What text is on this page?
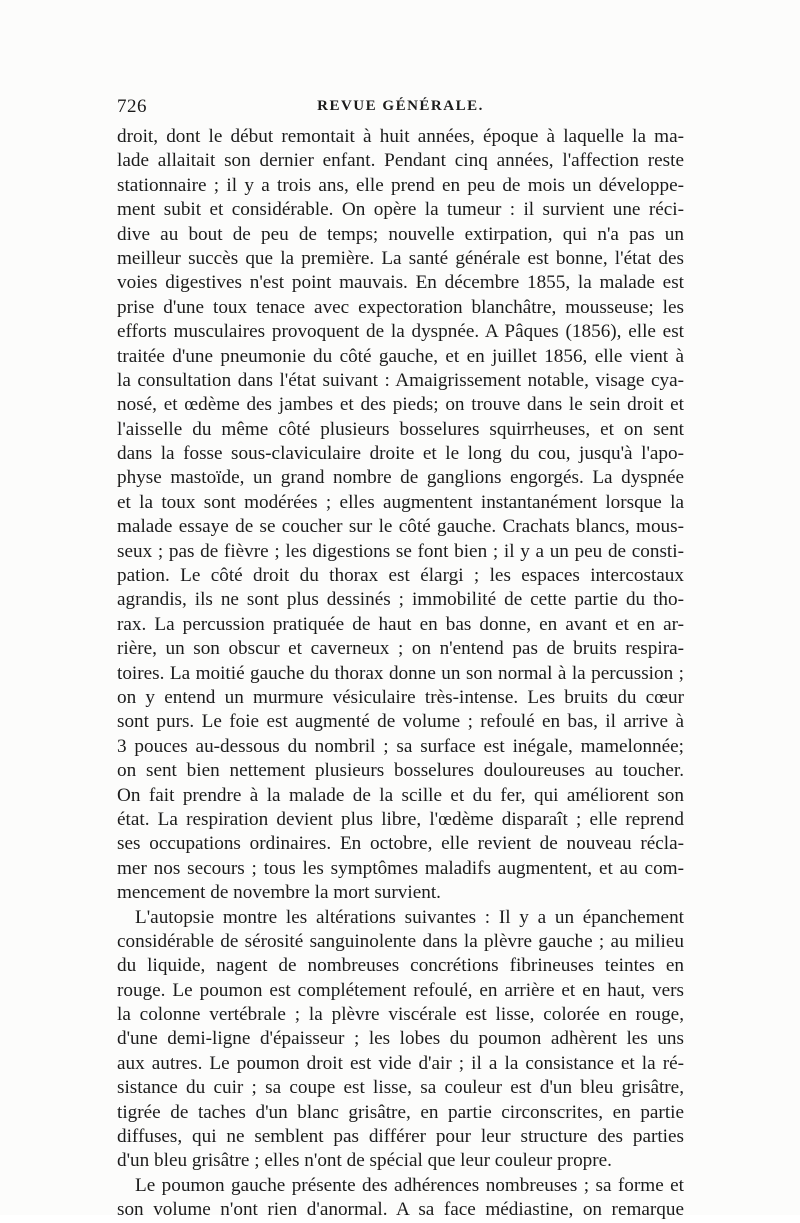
726	REVUE GÉNÉRALE.
droit, dont le début remontait à huit années, époque à laquelle la ma-
lade allaitait son dernier enfant. Pendant cinq années, l'affection reste
stationnaire ; il y a trois ans, elle prend en peu de mois un développe-
ment subit et considérable. On opère la tumeur : il survient une réci-
dive au bout de peu de temps; nouvelle extirpation, qui n'a pas un
meilleur succès que la première. La santé générale est bonne, l'état des
voies digestives n'est point mauvais. En décembre 1855, la malade est
prise d'une toux tenace avec expectoration blanchâtre, mousseuse; les
efforts musculaires provoquent de la dyspnée. A Pâques (1856), elle est
traitée d'une pneumonie du côté gauche, et en juillet 1856, elle vient à
la consultation dans l'état suivant : Amaigrissement notable, visage cya-
nosé, et œdème des jambes et des pieds; on trouve dans le sein droit et
l'aisselle du même côté plusieurs bosselures squirrheuses, et on sent
dans la fosse sous-claviculaire droite et le long du cou, jusqu'à l'apo-
physe mastoïde, un grand nombre de ganglions engorgés. La dyspnée
et la toux sont modérées ; elles augmentent instantanément lorsque la
malade essaye de se coucher sur le côté gauche. Crachats blancs, mous-
seux ; pas de fièvre ; les digestions se font bien ; il y a un peu de consti-
pation. Le côté droit du thorax est élargi ; les espaces intercostaux
agrandis, ils ne sont plus dessinés ; immobilité de cette partie du tho-
rax. La percussion pratiquée de haut en bas donne, en avant et en ar-
rière, un son obscur et caverneux ; on n'entend pas de bruits respira-
toires. La moitié gauche du thorax donne un son normal à la percussion ;
on y entend un murmure vésiculaire très-intense. Les bruits du cœur
sont purs. Le foie est augmenté de volume ; refoulé en bas, il arrive à
3 pouces au-dessous du nombril ; sa surface est inégale, mamelonnée;
on sent bien nettement plusieurs bosselures douloureuses au toucher.
On fait prendre à la malade de la scille et du fer, qui améliorent son
état. La respiration devient plus libre, l'œdème disparaît ; elle reprend
ses occupations ordinaires. En octobre, elle revient de nouveau récla-
mer nos secours ; tous les symptômes maladifs augmentent, et au com-
mencement de novembre la mort survient.
L'autopsie montre les altérations suivantes : Il y a un épanchement
considérable de sérosité sanguinolente dans la plèvre gauche ; au milieu
du liquide, nagent de nombreuses concrétions fibrineuses teintes en
rouge. Le poumon est complétement refoulé, en arrière et en haut, vers
la colonne vertébrale ; la plèvre viscérale est lisse, colorée en rouge,
d'une demi-ligne d'épaisseur ; les lobes du poumon adhèrent les uns
aux autres. Le poumon droit est vide d'air ; il a la consistance et la ré-
sistance du cuir ; sa coupe est lisse, sa couleur est d'un bleu grisâtre,
tigrée de taches d'un blanc grisâtre, en partie circonscrites, en partie
diffuses, qui ne semblent pas différer pour leur structure des parties
d'un bleu grisâtre ; elles n'ont de spécial que leur couleur propre.
Le poumon gauche présente des adhérences nombreuses ; sa forme et
son volume n'ont rien d'anormal. A sa face médiastine, on remarque
